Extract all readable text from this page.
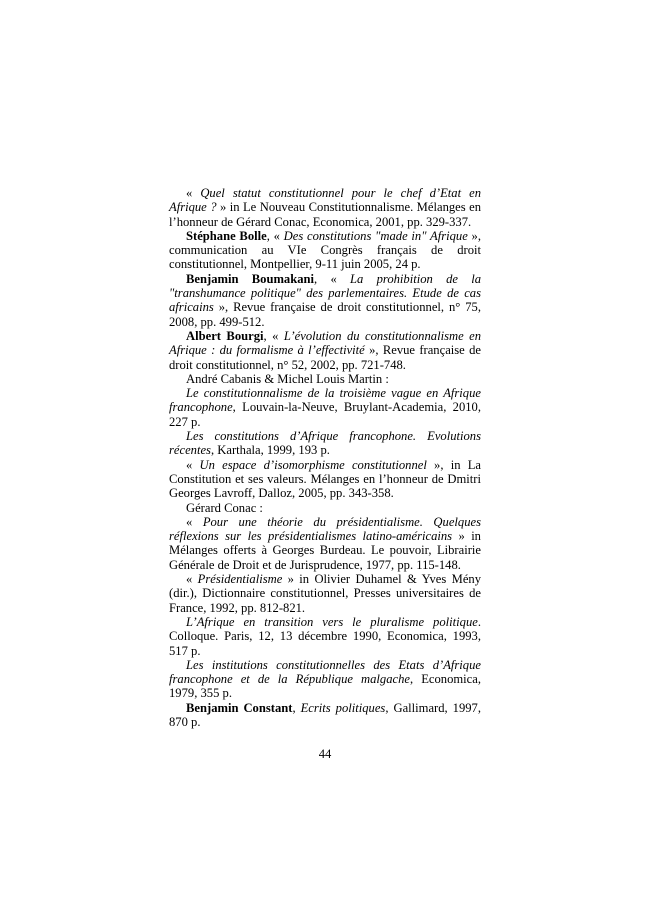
« Quel statut constitutionnel pour le chef d’Etat en Afrique ? » in Le Nouveau Constitutionnalisme. Mélanges en l’honneur de Gérard Conac, Economica, 2001, pp. 329-337.

Stéphane Bolle, « Des constitutions "made in" Afrique », communication au VIe Congrès français de droit constitutionnel, Montpellier, 9-11 juin 2005, 24 p.

Benjamin Boumakani, « La prohibition de la "transhumance politique" des parlementaires. Etude de cas africains », Revue française de droit constitutionnel, n° 75, 2008, pp. 499-512.

Albert Bourgi, « L’évolution du constitutionnalisme en Afrique : du formalisme à l’effectivité », Revue française de droit constitutionnel, n° 52, 2002, pp. 721-748.

André Cabanis & Michel Louis Martin :

Le constitutionnalisme de la troisième vague en Afrique francophone, Louvain-la-Neuve, Bruylant-Academia, 2010, 227 p.

Les constitutions d’Afrique francophone. Evolutions récentes, Karthala, 1999, 193 p.

« Un espace d’isomorphisme constitutionnel », in La Constitution et ses valeurs. Mélanges en l’honneur de Dmitri Georges Lavroff, Dalloz, 2005, pp. 343-358.

Gérard Conac :

« Pour une théorie du présidentialisme. Quelques réflexions sur les présidentialismes latino-américains » in Mélanges offerts à Georges Burdeau. Le pouvoir, Librairie Générale de Droit et de Jurisprudence, 1977, pp. 115-148.

« Présidentialisme » in Olivier Duhamel & Yves Mény (dir.), Dictionnaire constitutionnel, Presses universitaires de France, 1992, pp. 812-821.

L’Afrique en transition vers le pluralisme politique. Colloque. Paris, 12, 13 décembre 1990, Economica, 1993, 517 p.

Les institutions constitutionnelles des Etats d’Afrique francophone et de la République malgache, Economica, 1979, 355 p.

Benjamin Constant, Ecrits politiques, Gallimard, 1997, 870 p.

44
